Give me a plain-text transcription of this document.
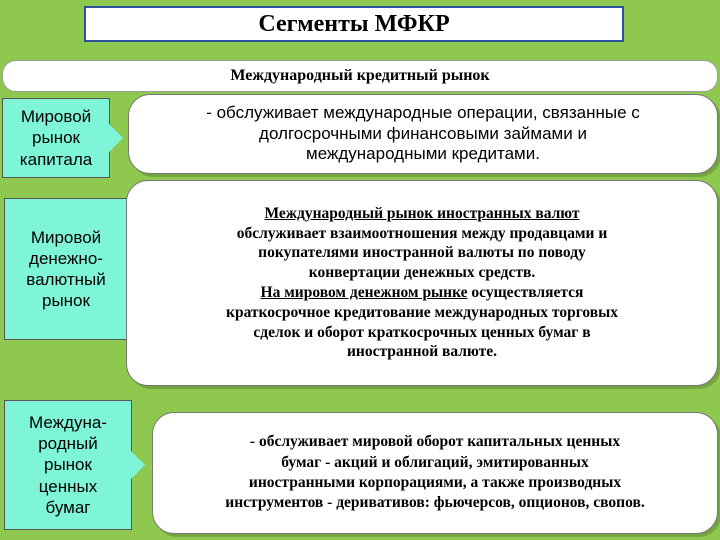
Сегменты МФКР
Международный кредитный рынок
Мировой
рынок
капитала
- обслуживает международные операции, связанные с
долгосрочными финансовыми займами и
международными кредитами.
Мировой
денежно-
валютный
рынок
Международный рынок иностранных валют
обслуживает взаимоотношения между продавцами и
покупателями иностранной валюты по поводу
конвертации денежных средств.
На мировом денежном рынке осуществляется
краткосрочное кредитование международных торговых
сделок и оборот краткосрочных ценных бумаг в
иностранной валюте.
Междуна-
родный
рынок
ценных
бумаг
- обслуживает мировой оборот капитальных ценных
бумаг - акций и облигаций, эмитированных
иностранными корпорациями, а также производных
инструментов - деривативов: фьючерсов, опционов, свопов.
